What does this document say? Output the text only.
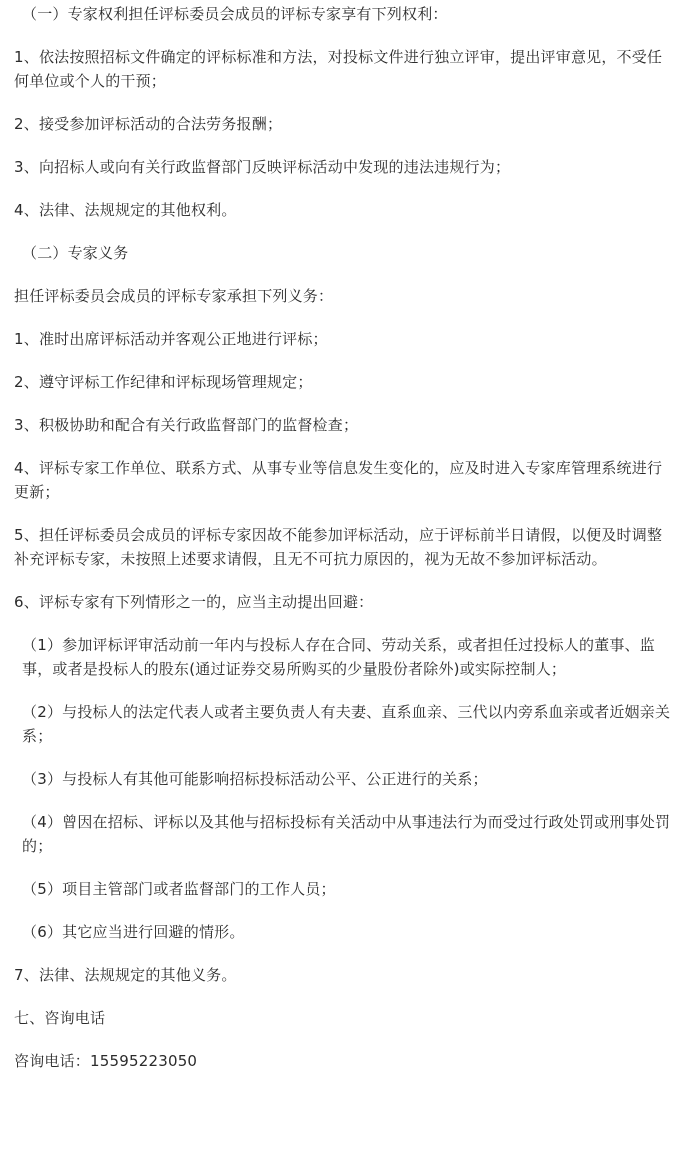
（一）专家权利担任评标委员会成员的评标专家享有下列权利：

1、依法按照招标文件确定的评标标准和方法，对投标文件进行独立评审，提出评审意见，不受任何单位或个人的干预；

2、接受参加评标活动的合法劳务报酬；

3、向招标人或向有关行政监督部门反映评标活动中发现的违法违规行为；

4、法律、法规规定的其他权利。

（二）专家义务

担任评标委员会成员的评标专家承担下列义务：

1、准时出席评标活动并客观公正地进行评标；

2、遵守评标工作纪律和评标现场管理规定；

3、积极协助和配合有关行政监督部门的监督检查；

4、评标专家工作单位、联系方式、从事专业等信息发生变化的，应及时进入专家库管理系统进行更新；

5、担任评标委员会成员的评标专家因故不能参加评标活动，应于评标前半日请假，以便及时调整补充评标专家，未按照上述要求请假，且无不可抗力原因的，视为无故不参加评标活动。

6、评标专家有下列情形之一的，应当主动提出回避：

（1）参加评标评审活动前一年内与投标人存在合同、劳动关系，或者担任过投标人的董事、监事，或者是投标人的股东(通过证券交易所购买的少量股份者除外)或实际控制人；

（2）与投标人的法定代表人或者主要负责人有夫妻、直系血亲、三代以内旁系血亲或者近姻亲关系；

（3）与投标人有其他可能影响招标投标活动公平、公正进行的关系；

（4）曾因在招标、评标以及其他与招标投标有关活动中从事违法行为而受过行政处罚或刑事处罚的；

（5）项目主管部门或者监督部门的工作人员；

（6）其它应当进行回避的情形。

7、法律、法规规定的其他义务。

七、咨询电话

咨询电话：15595223050
